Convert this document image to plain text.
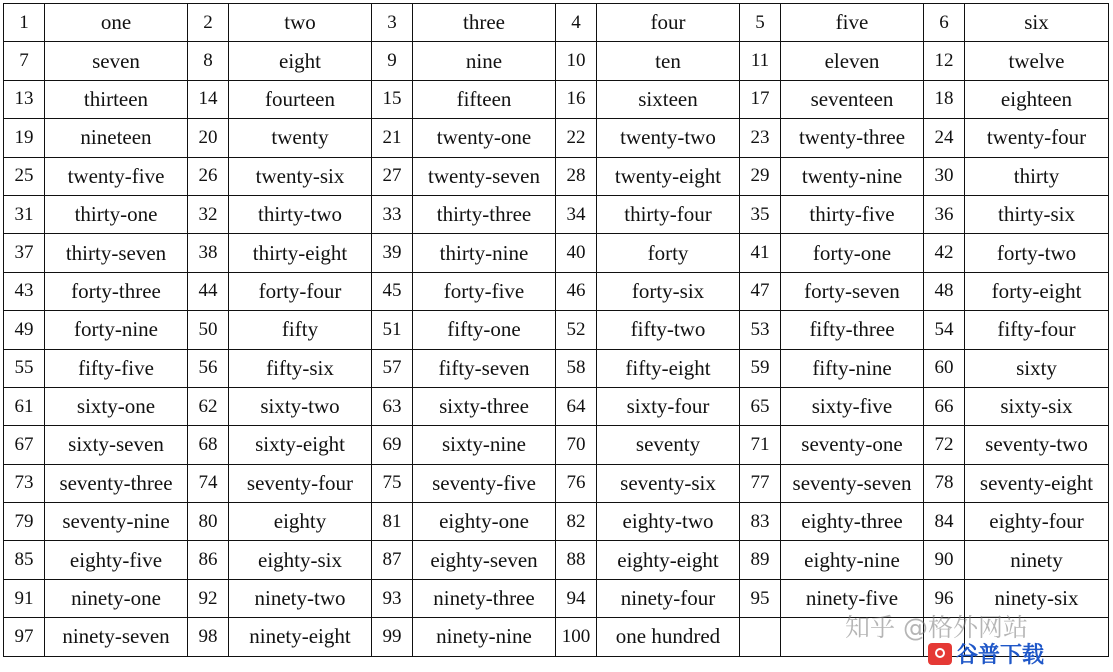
1	one	2	two	3	three	4	four	5	five	6	six
7	seven	8	eight	9	nine	10	ten	11	eleven	12	twelve
13	thirteen	14	fourteen	15	fifteen	16	sixteen	17	seventeen	18	eighteen
19	nineteen	20	twenty	21	twenty-one	22	twenty-two	23	twenty-three	24	twenty-four
25	twenty-five	26	twenty-six	27	twenty-seven	28	twenty-eight	29	twenty-nine	30	thirty
31	thirty-one	32	thirty-two	33	thirty-three	34	thirty-four	35	thirty-five	36	thirty-six
37	thirty-seven	38	thirty-eight	39	thirty-nine	40	forty	41	forty-one	42	forty-two
43	forty-three	44	forty-four	45	forty-five	46	forty-six	47	forty-seven	48	forty-eight
49	forty-nine	50	fifty	51	fifty-one	52	fifty-two	53	fifty-three	54	fifty-four
55	fifty-five	56	fifty-six	57	fifty-seven	58	fifty-eight	59	fifty-nine	60	sixty
61	sixty-one	62	sixty-two	63	sixty-three	64	sixty-four	65	sixty-five	66	sixty-six
67	sixty-seven	68	sixty-eight	69	sixty-nine	70	seventy	71	seventy-one	72	seventy-two
73	seventy-three	74	seventy-four	75	seventy-five	76	seventy-six	77	seventy-seven	78	seventy-eight
79	seventy-nine	80	eighty	81	eighty-one	82	eighty-two	83	eighty-three	84	eighty-four
85	eighty-five	86	eighty-six	87	eighty-seven	88	eighty-eight	89	eighty-nine	90	ninety
91	ninety-one	92	ninety-two	93	ninety-three	94	ninety-four	95	ninety-five	96	ninety-six
97	ninety-seven	98	ninety-eight	99	ninety-nine	100	one hundred					知乎 @格外网站
谷普下载
